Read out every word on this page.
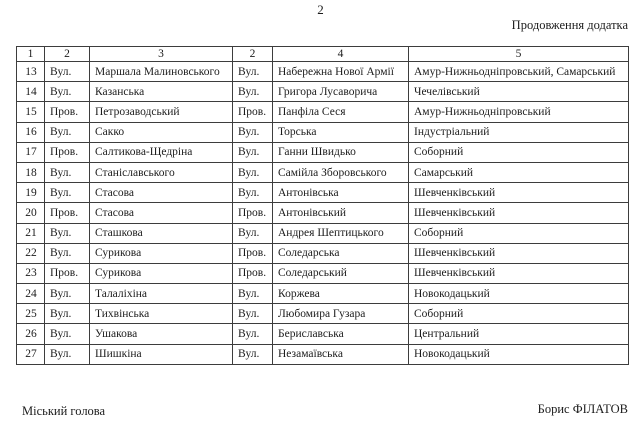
2
Продовження додатка
1	2	3	2	4	5
13	Вул.	Маршала Малиновського	Вул.	Набережна Нової Армії	Амур-Нижньодніпровський, Самарський
14	Вул.	Казанська	Вул.	Григора Лусаворича	Чечелівський
15	Пров.	Петрозаводський	Пров.	Панфіла Сеся	Амур-Нижньодніпровський
16	Вул.	Сакко	Вул.	Торська	Індустріальний
17	Пров.	Салтикова-Щедріна	Вул.	Ганни Швидько	Соборний
18	Вул.	Станіславського	Вул.	Самійла Зборовського	Самарський
19	Вул.	Стасова	Вул.	Антонівська	Шевченківський
20	Пров.	Стасова	Пров.	Антонівський	Шевченківський
21	Вул.	Сташкова	Вул.	Андрея Шептицького	Соборний
22	Вул.	Сурикова	Пров.	Соледарська	Шевченківський
23	Пров.	Сурикова	Пров.	Соледарський	Шевченківський
24	Вул.	Талаліхіна	Вул.	Коржева	Новокодацький
25	Вул.	Тихвінська	Вул.	Любомира Гузара	Соборний
26	Вул.	Ушакова	Вул.	Бериславська	Центральний
27	Вул.	Шишкіна	Вул.	Незамаївська	Новокодацький
Міський голова	Борис ФІЛАТОВ
